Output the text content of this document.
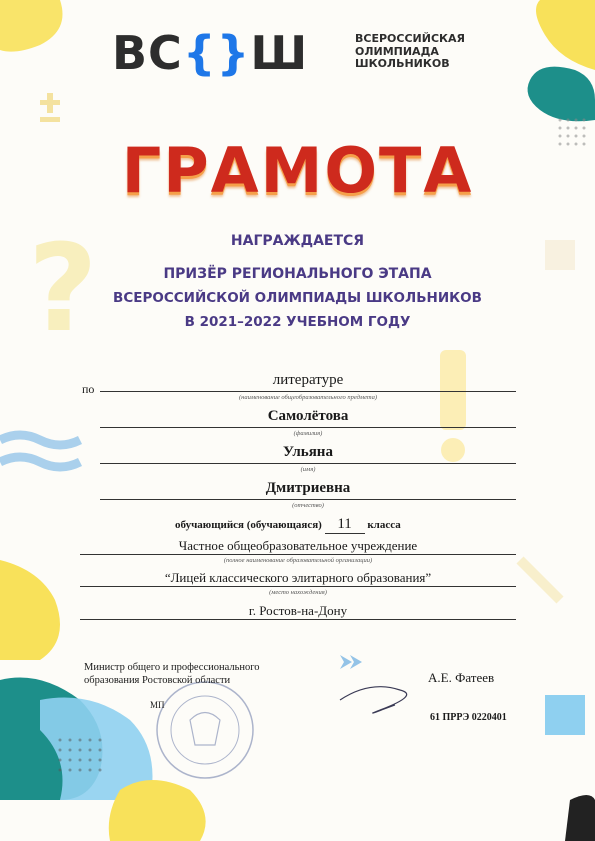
?
ВС{}Ш	ВСЕРОССИЙСКАЯ
ОЛИМПИАДА
ШКОЛЬНИКОВ
ГРАМОТА
НАГРАЖДАЕТСЯ
ПРИЗЁР РЕГИОНАЛЬНОГО ЭТАПА
ВСЕРОССИЙСКОЙ ОЛИМПИАДЫ ШКОЛЬНИКОВ
В 2021–2022 УЧЕБНОМ ГОДУ
по
литературе
(наименование общеобразовательного предмета)
Самолётова
(фамилия)
Ульяна
(имя)
Дмитриевна
(отчество)
обучающийся (обучающаяся) 11 класса
Частное общеобразовательное учреждение
(полное наименование образовательной организации)
“Лицей классического элитарного образования”
(место нахождения)
г. Ростов-на-Дону
Министр общего и профессионального
образования Ростовской области
МП
А.Е. Фатеев
61 ПРРЭ 0220401
